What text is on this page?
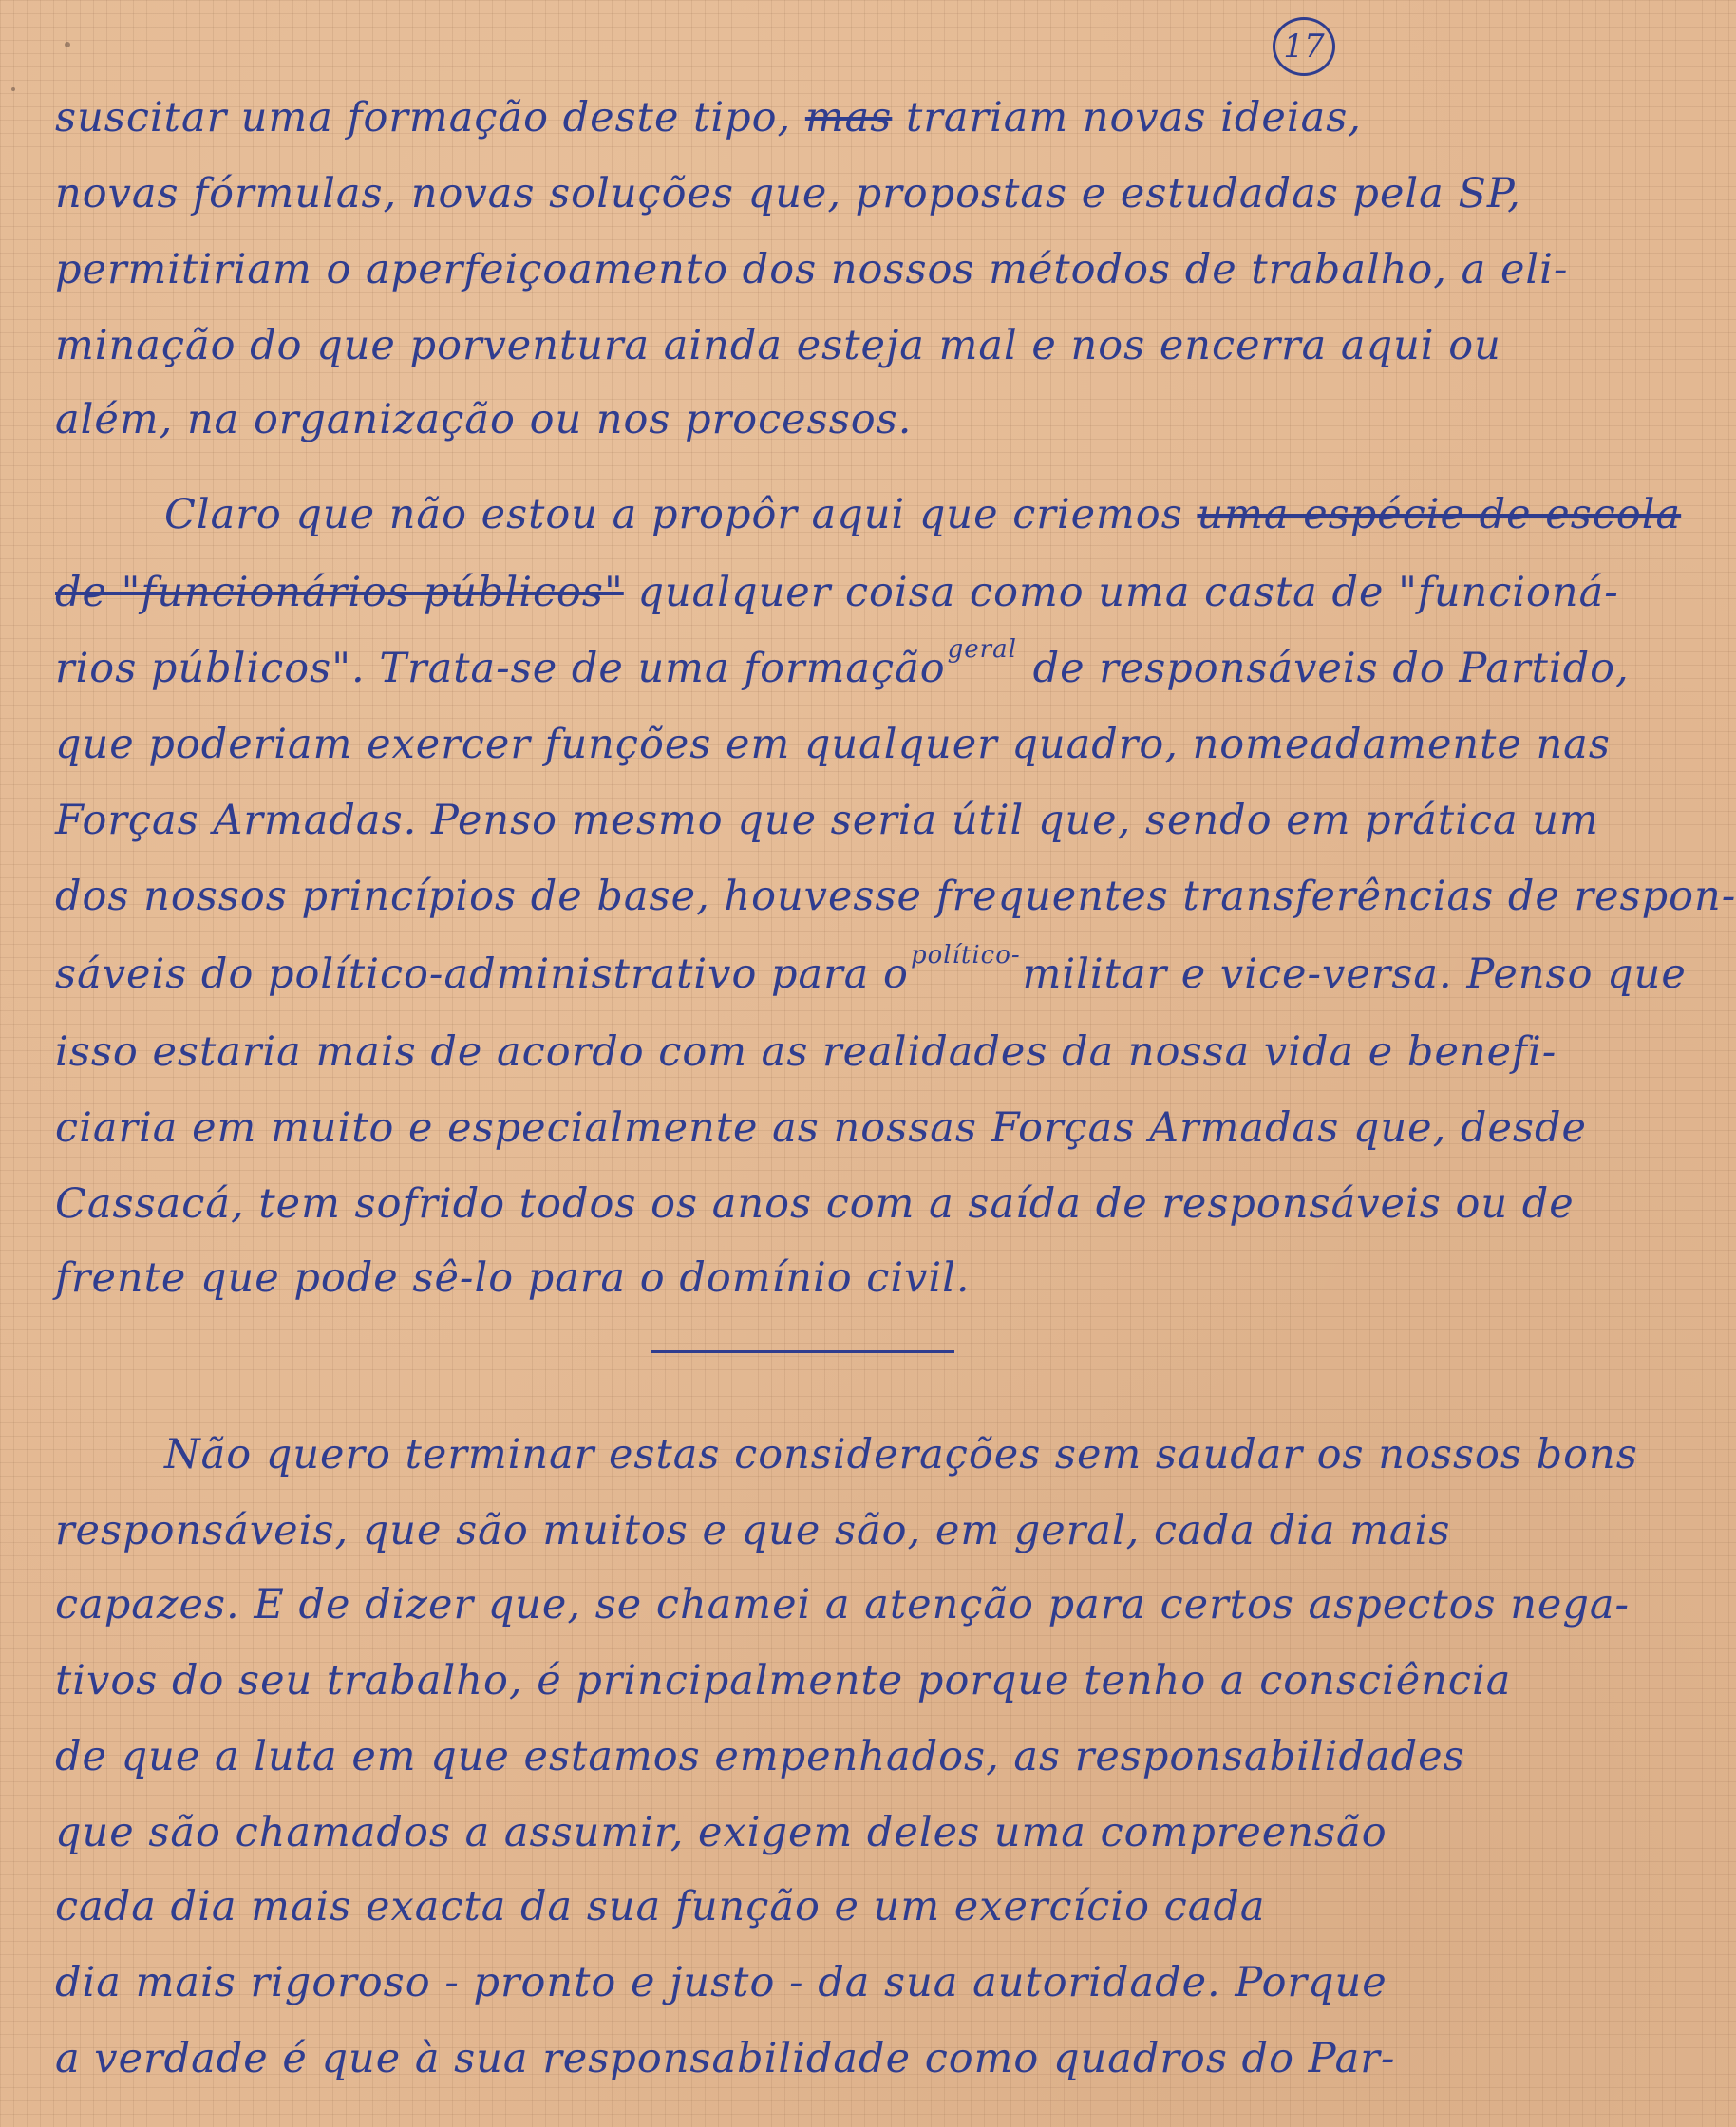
17
suscitar uma formação deste tipo, mas trariam novas ideias,
novas fórmulas, novas soluções que, propostas e estudadas pela SP,
permitiriam o aperfeiçoamento dos nossos métodos de trabalho, a eli-
minação do que porventura ainda esteja mal e nos encerra aqui ou
além, na organização ou nos processos.
Claro que não estou a propôr aqui que criemos uma espécie de escola
de "funcionários públicos" qualquer coisa como uma casta de "funcioná-
rios públicos". Trata-se de uma formação$^{geral}$ de responsáveis do Partido,
que poderiam exercer funções em qualquer quadro, nomeadamente nas
Forças Armadas. Penso mesmo que seria útil que, sendo em prática um
dos nossos princípios de base, houvesse frequentes transferências de respon-
sáveis do político-administrativo para $o^{político-}militar$ e vice-versa. Penso que
isso estaria mais de acordo com as realidades da nossa vida e benefi-
ciaria em muito e especialmente as nossas Forças Armadas que, desde
Cassacá, tem sofrido todos os anos com a saída de responsáveis ou de
frente que pode sê-lo para o domínio civil.
Não quero terminar estas considerações sem saudar os nossos bons
responsáveis, que são muitos e que são, em geral, cada dia mais
capazes. E de dizer que, se chamei a atenção para certos aspectos nega-
tivos do seu trabalho, é principalmente porque tenho a consciência
de que a luta em que estamos empenhados, as responsabilidades
que são chamados a assumir, exigem deles uma compreensão
cada dia mais exacta da sua função e um exercício cada
dia mais rigoroso - pronto e justo - da sua autoridade. Porque
a verdade é que à sua responsabilidade como quadros do Par-
